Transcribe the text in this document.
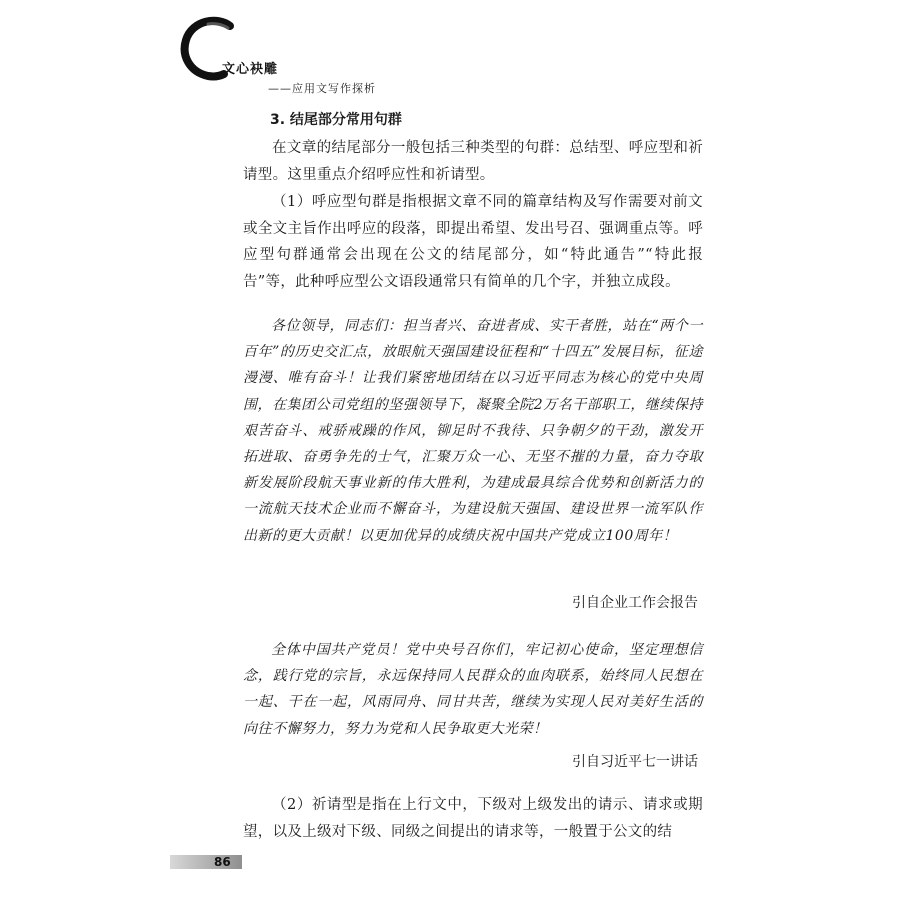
文心袂雕
——应用文写作探析
3. 结尾部分常用句群
在文章的结尾部分一般包括三种类型的句群：总结型、呼应型和祈请型。这里重点介绍呼应性和祈请型。
（1）呼应型句群是指根据文章不同的篇章结构及写作需要对前文或全文主旨作出呼应的段落，即提出希望、发出号召、强调重点等。呼应型句群通常会出现在公文的结尾部分，如“特此通告”“特此报告”等，此种呼应型公文语段通常只有简单的几个字，并独立成段。
各位领导，同志们：担当者兴、奋进者成、实干者胜，站在“两个一百年”的历史交汇点，放眼航天强国建设征程和“十四五”发展目标，征途漫漫、唯有奋斗！让我们紧密地团结在以习近平同志为核心的党中央周围，在集团公司党组的坚强领导下，凝聚全院2万名干部职工，继续保持艰苦奋斗、戒骄戒躁的作风，铆足时不我待、只争朝夕的干劲，激发开拓进取、奋勇争先的士气，汇聚万众一心、无坚不摧的力量，奋力夺取新发展阶段航天事业新的伟大胜利，为建成最具综合优势和创新活力的一流航天技术企业而不懈奋斗，为建设航天强国、建设世界一流军队作出新的更大贡献！以更加优异的成绩庆祝中国共产党成立100周年！
引自企业工作会报告
全体中国共产党员！党中央号召你们，牢记初心使命，坚定理想信念，践行党的宗旨，永远保持同人民群众的血肉联系，始终同人民想在一起、干在一起，风雨同舟、同甘共苦，继续为实现人民对美好生活的向往不懈努力，努力为党和人民争取更大光荣！
引自习近平七一讲话
（2）祈请型是指在上行文中，下级对上级发出的请示、请求或期望，以及上级对下级、同级之间提出的请求等，一般置于公文的结
86
